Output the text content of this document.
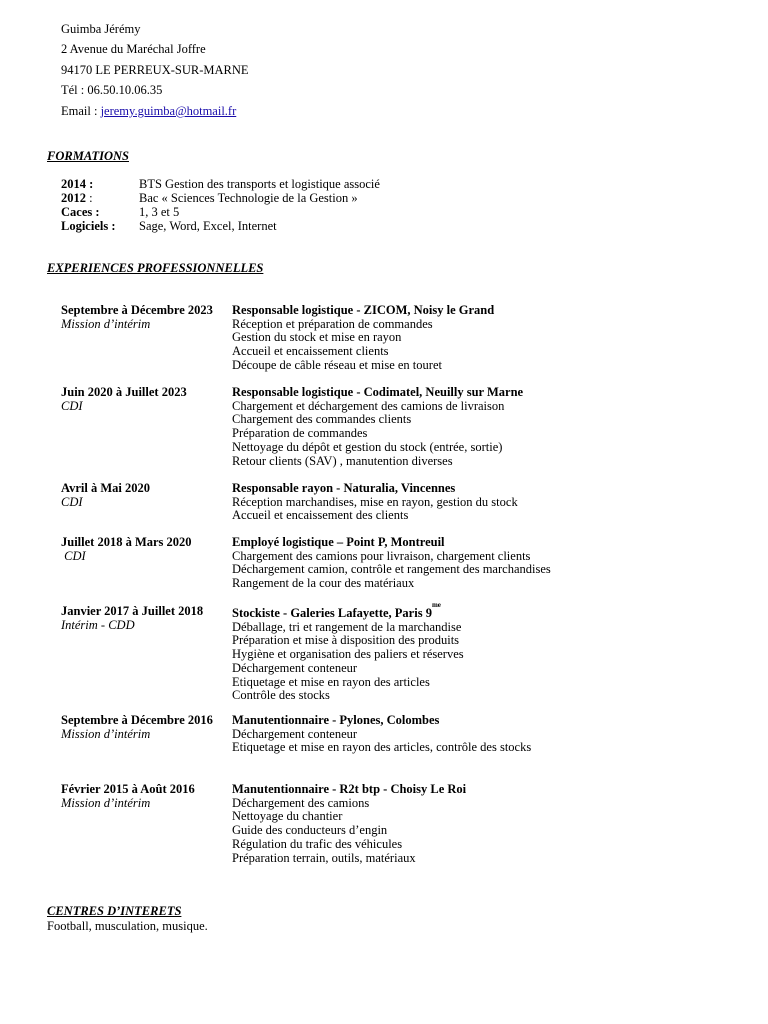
Guimba Jérémy
2 Avenue du Maréchal Joffre
94170 LE PERREUX-SUR-MARNE
Tél : 06.50.10.06.35
Email : jeremy.guimba@hotmail.fr
FORMATIONS
2014 :	BTS Gestion des transports et logistique associé
2012 :	Bac « Sciences Technologie de la Gestion »
Caces :	1, 3 et 5
Logiciels : Sage, Word, Excel, Internet
EXPERIENCES PROFESSIONNELLES
Septembre à Décembre 2023
Mission d’intérim
Responsable logistique - ZICOM, Noisy le Grand
Réception et préparation de commandes
Gestion du stock et mise en rayon
Accueil et encaissement clients
Découpe de câble réseau et mise en touret
Juin 2020 à Juillet 2023
CDI
Responsable logistique - Codimatel, Neuilly sur Marne
Chargement et déchargement des camions de livraison
Chargement des commandes clients
Préparation de commandes
Nettoyage du dépôt et gestion du stock (entrée, sortie)
Retour clients (SAV) , manutention diverses
Avril à Mai 2020
CDI
Responsable rayon - Naturalia, Vincennes
Réception marchandises, mise en rayon, gestion du stock
Accueil et encaissement des clients
Juillet 2018 à Mars 2020
CDI
Employé logistique – Point P, Montreuil
Chargement des camions pour livraison, chargement clients
Déchargement camion, contrôle et rangement des marchandises
Rangement de la cour des matériaux
Janvier 2017 à Juillet 2018
Intérim - CDD
Stockiste - Galeries Lafayette, Paris $9^{me}$
Déballage, tri et rangement de la marchandise
Préparation et mise à disposition des produits
Hygiène et organisation des paliers et réserves
Déchargement conteneur
Etiquetage et mise en rayon des articles
Contrôle des stocks
Septembre à Décembre 2016
Mission d’intérim
Manutentionnaire - Pylones, Colombes
Déchargement conteneur
Etiquetage et mise en rayon des articles, contrôle des stocks
Février 2015 à Août 2016
Mission d’intérim
Manutentionnaire - R2t btp - Choisy Le Roi
Déchargement des camions
Nettoyage du chantier
Guide des conducteurs d’engin
Régulation du trafic des véhicules
Préparation terrain, outils, matériaux
CENTRES D’INTERETS
Football, musculation, musique.
